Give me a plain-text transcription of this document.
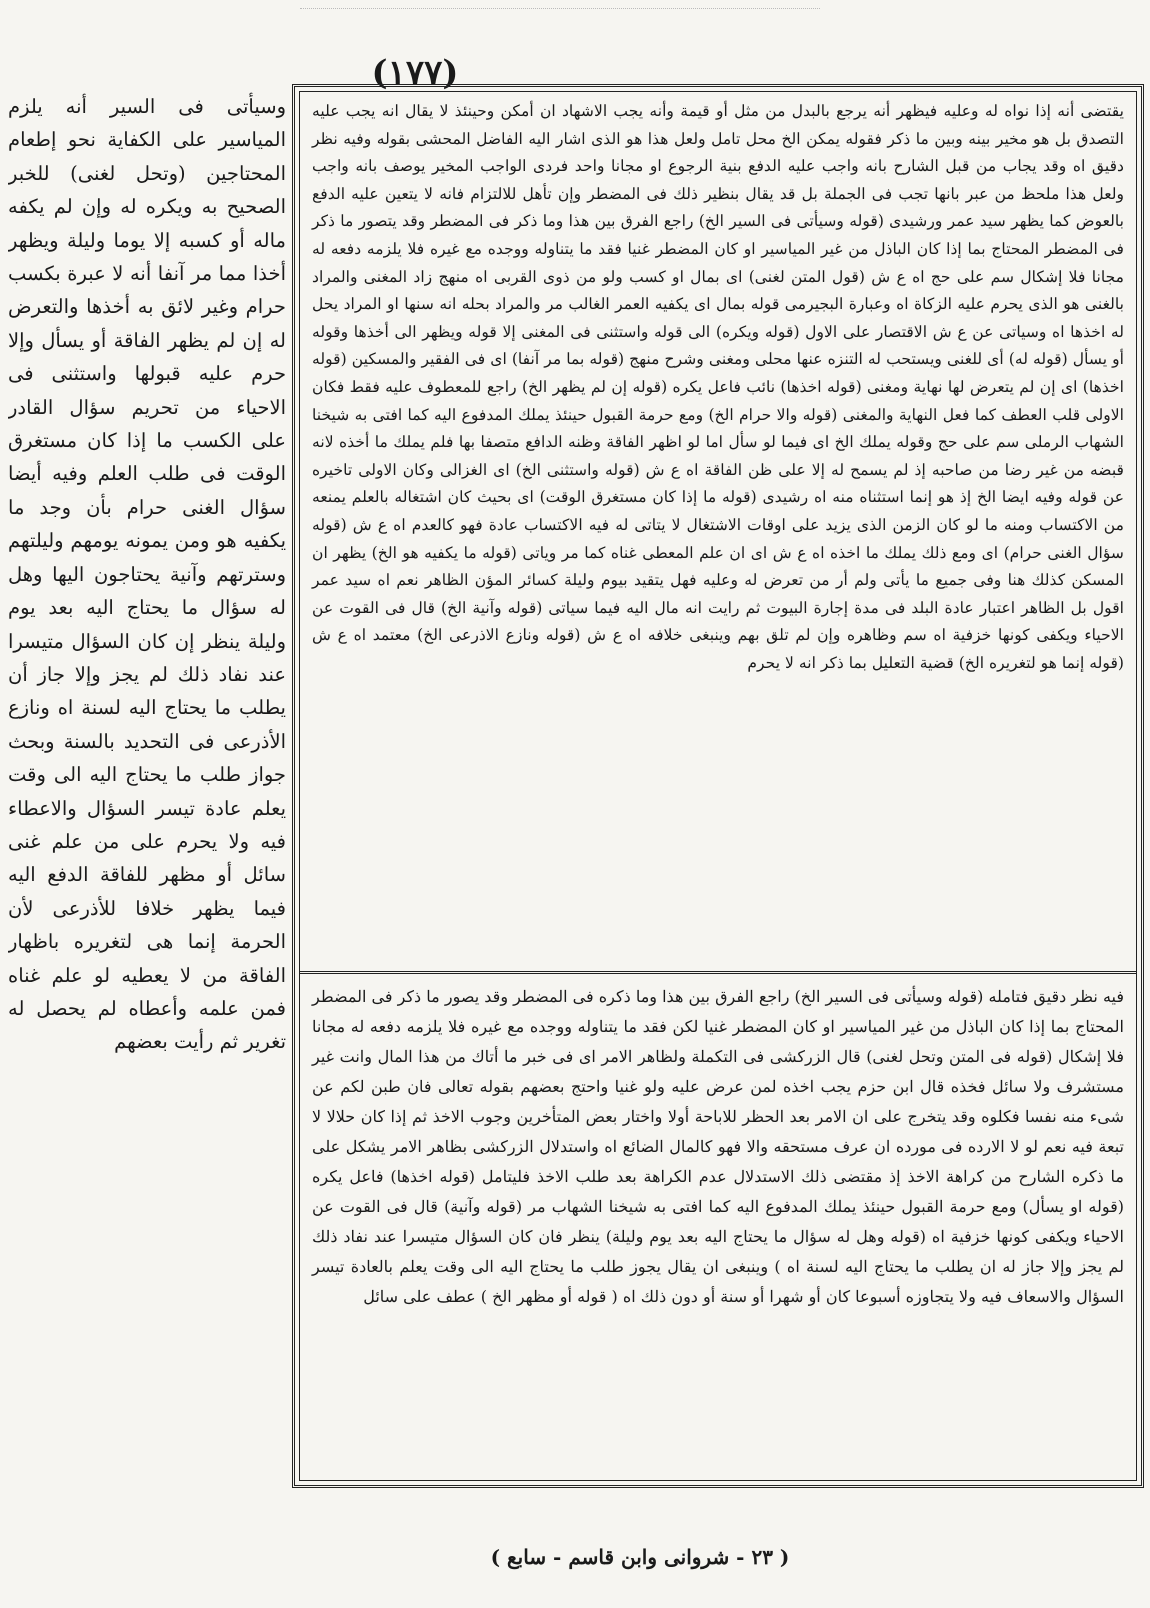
(١٧٧)
وسيأتى فى السير أنه يلزم المياسير على الكفاية نحو إطعام المحتاجين (وتحل لغنى) للخبر الصحيح به ويكره له وإن لم يكفه ماله أو كسبه إلا يوما وليلة ويظهر أخذا مما مر آنفا أنه لا عبرة بكسب حرام وغير لائق به أخذها والتعرض له إن لم يظهر الفاقة أو يسأل وإلا حرم عليه قبولها واستثنى فى الاحياء من تحريم سؤال القادر على الكسب ما إذا كان مستغرق الوقت فى طلب العلم وفيه أيضا سؤال الغنى حرام بأن وجد ما يكفيه هو ومن يمونه يومهم وليلتهم وسترتهم وآنية يحتاجون اليها وهل له سؤال ما يحتاج اليه بعد يوم وليلة ينظر إن كان السؤال متيسرا عند نفاد ذلك لم يجز وإلا جاز أن يطلب ما يحتاج اليه لسنة اه ونازع الأذرعى فى التحديد بالسنة وبحث جواز طلب ما يحتاج اليه الى وقت يعلم عادة تيسر السؤال والاعطاء فيه ولا يحرم على من علم غنى سائل أو مظهر للفاقة الدفع اليه فيما يظهر خلافا للأذرعى لأن الحرمة إنما هى لتغريره باظهار الفاقة من لا يعطيه لو علم غناه فمن علمه وأعطاه لم يحصل له تغرير ثم رأيت بعضهم
يقتضى أنه إذا نواه له وعليه فيظهر أنه يرجع بالبدل من مثل أو قيمة وأنه يجب الاشهاد ان أمكن وحينئذ لا يقال انه يجب عليه التصدق بل هو مخير بينه وبين ما ذكر فقوله يمكن الخ محل تامل ولعل هذا هو الذى اشار اليه الفاضل المحشى بقوله وفيه نظر دقيق اه وقد يجاب من قبل الشارح بانه واجب عليه الدفع بنية الرجوع او مجانا واحد فردى الواجب المخير يوصف بانه واجب ولعل هذا ملحظ من عبر بانها تجب فى الجملة بل قد يقال بنظير ذلك فى المضطر وإن تأهل للالتزام فانه لا يتعين عليه الدفع بالعوض كما يظهر سيد عمر ورشيدى (قوله وسيأتى فى السير الخ) راجع الفرق بين هذا وما ذكر فى المضطر وقد يتصور ما ذكر فى المضطر المحتاج بما إذا كان الباذل من غير المياسير او كان المضطر غنيا فقد ما يتناوله ووجده مع غيره فلا يلزمه دفعه له مجانا فلا إشكال سم على حج اه ع ش (قول المتن لغنى) اى بمال او كسب ولو من ذوى القربى اه منهج زاد المغنى والمراد بالغنى هو الذى يحرم عليه الزكاة اه وعبارة البجيرمى قوله بمال اى يكفيه العمر الغالب مر والمراد بحله انه سنها او المراد يحل له اخذها اه وسياتى عن ع ش الاقتصار على الاول (قوله ويكره) الى قوله واستثنى فى المغنى إلا قوله ويظهر الى أخذها وقوله أو يسأل (قوله له) أى للغنى ويستحب له التنزه عنها محلى ومغنى وشرح منهج (قوله بما مر آنفا) اى فى الفقير والمسكين (قوله اخذها) اى إن لم يتعرض لها نهاية ومغنى (قوله اخذها) نائب فاعل يكره (قوله إن لم يظهر الخ) راجع للمعطوف عليه فقط فكان الاولى قلب العطف كما فعل النهاية والمغنى (قوله والا حرام الخ) ومع حرمة القبول حينئذ يملك المدفوع اليه كما افتى به شيخنا الشهاب الرملى سم على حج وقوله يملك الخ اى فيما لو سأل اما لو اظهر الفاقة وظنه الدافع متصفا بها فلم يملك ما أخذه لانه قبضه من غير رضا من صاحبه إذ لم يسمح له إلا على ظن الفاقة اه ع ش (قوله واستثنى الخ) اى الغزالى وكان الاولى تاخيره عن قوله وفيه ايضا الخ إذ هو إنما استثناه منه اه رشيدى (قوله ما إذا كان مستغرق الوقت) اى بحيث كان اشتغاله بالعلم يمنعه من الاكتساب ومنه ما لو كان الزمن الذى يزيد على اوقات الاشتغال لا يتاتى له فيه الاكتساب عادة فهو كالعدم اه ع ش (قوله سؤال الغنى حرام) اى ومع ذلك يملك ما اخذه اه ع ش اى ان علم المعطى غناه كما مر وياتى (قوله ما يكفيه هو الخ) يظهر ان المسكن كذلك هنا وفى جميع ما يأتى ولم أر من تعرض له وعليه فهل يتقيد بيوم وليلة كسائر المؤن الظاهر نعم اه سيد عمر اقول بل الظاهر اعتبار عادة البلد فى مدة إجارة البيوت ثم رايت انه مال اليه فيما سياتى (قوله وآنية الخ) قال فى القوت عن الاحياء ويكفى كونها خزفية اه سم وظاهره وإن لم تلق بهم وينبغى خلافه اه ع ش (قوله ونازع الاذرعى الخ) معتمد اه ع ش (قوله إنما هو لتغريره الخ) قضية التعليل بما ذكر انه لا يحرم
فيه نظر دقيق فتامله (قوله وسيأتى فى السير الخ) راجع الفرق بين هذا وما ذكره فى المضطر وقد يصور ما ذكر فى المضطر المحتاج بما إذا كان الباذل من غير المياسير او كان المضطر غنيا لكن فقد ما يتناوله ووجده مع غيره فلا يلزمه دفعه له مجانا فلا إشكال (قوله فى المتن وتحل لغنى) قال الزركشى فى التكملة ولظاهر الامر اى فى خبر ما أتاك من هذا المال وانت غير مستشرف ولا سائل فخذه قال ابن حزم يجب اخذه لمن عرض عليه ولو غنيا واحتج بعضهم بقوله تعالى فان طبن لكم عن شىء منه نفسا فكلوه وقد يتخرج على ان الامر بعد الحظر للاباحة أولا واختار بعض المتأخرين وجوب الاخذ ثم إذا كان حلالا لا تبعة فيه نعم لو لا الارده فى مورده ان عرف مستحقه والا فهو كالمال الضائع اه واستدلال الزركشى بظاهر الامر يشكل على ما ذكره الشارح من كراهة الاخذ إذ مقتضى ذلك الاستدلال عدم الكراهة بعد طلب الاخذ فليتامل (قوله اخذها) فاعل يكره (قوله او يسأل) ومع حرمة القبول حينئذ يملك المدفوع اليه كما افتى به شيخنا الشهاب مر (قوله وآنية) قال فى القوت عن الاحياء ويكفى كونها خزفية اه (قوله وهل له سؤال ما يحتاج اليه بعد يوم وليلة) ينظر فان كان السؤال متيسرا عند نفاد ذلك لم يجز وإلا جاز له ان يطلب ما يحتاج اليه لسنة اه ) وينبغى ان يقال يجوز طلب ما يحتاج اليه الى وقت يعلم بالعادة تيسر السؤال والاسعاف فيه ولا يتجاوزه أسبوعا كان أو شهرا أو سنة أو دون ذلك اه ( قوله أو مظهر الخ ) عطف على سائل
( ٢٣ - شروانى وابن قاسم - سابع )
